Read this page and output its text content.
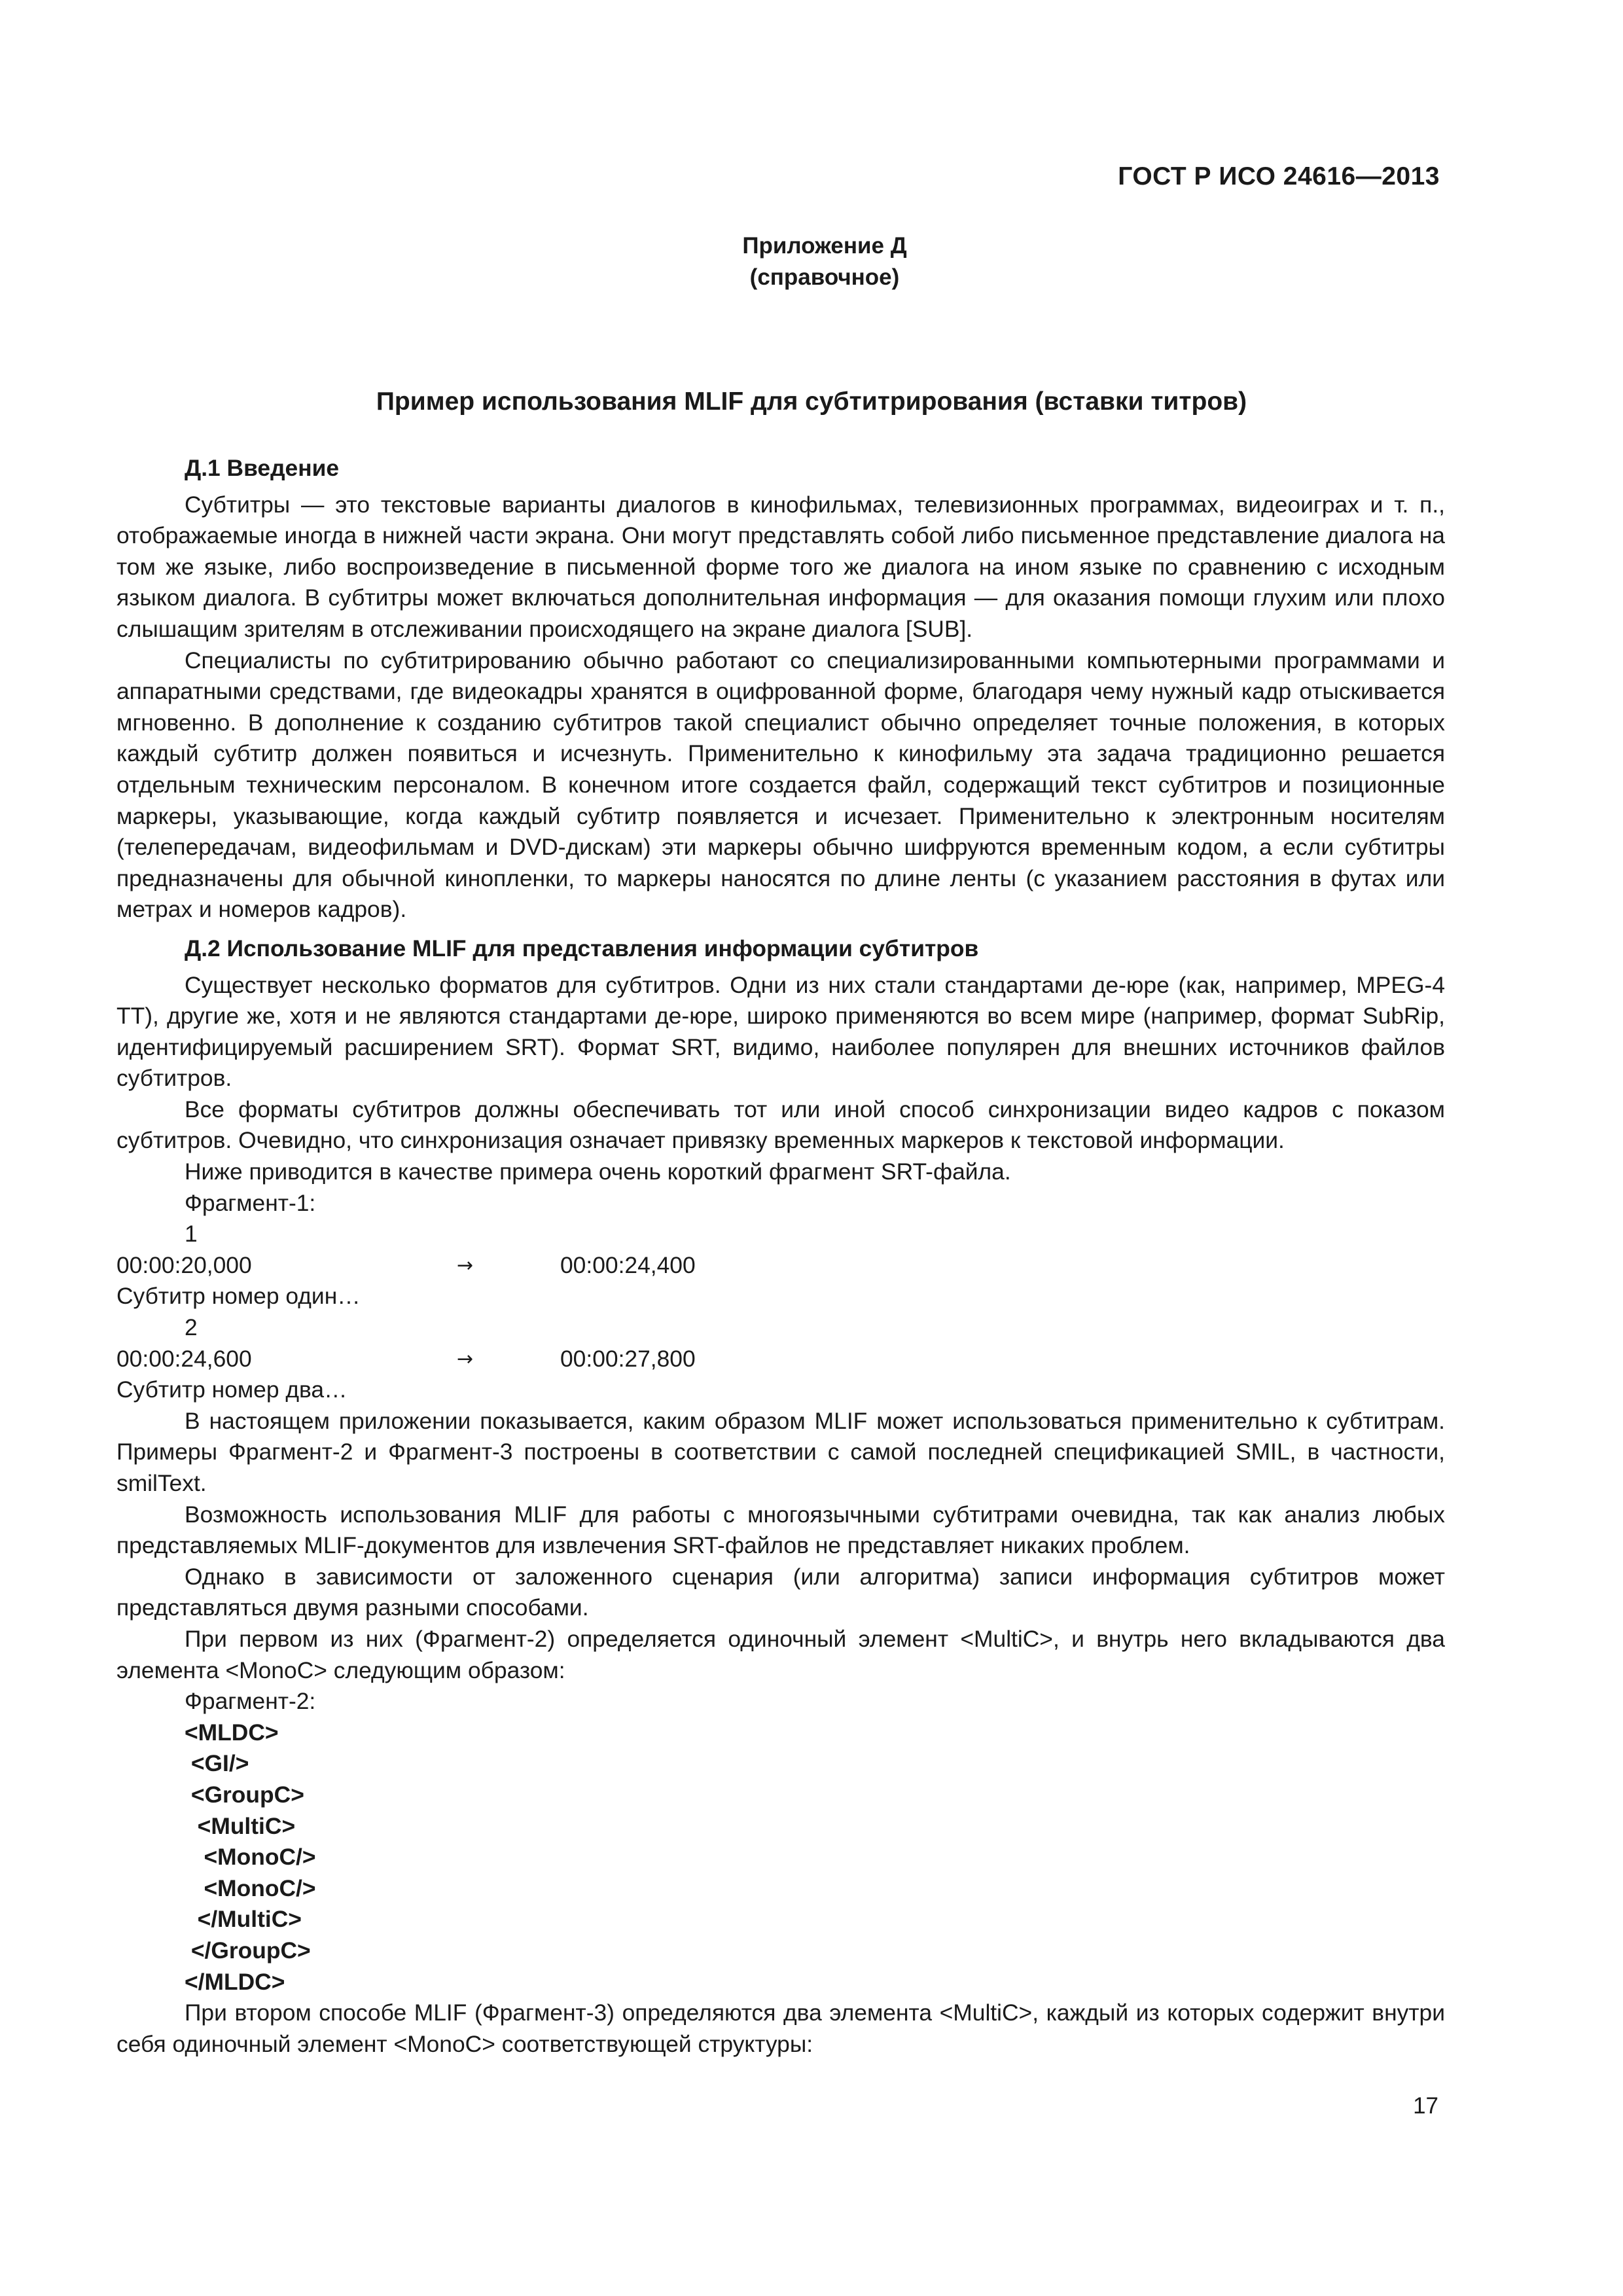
ГОСТ Р ИСО 24616—2013
Приложение Д
(справочное)
Пример использования MLIF для субтитрирования (вставки титров)
Д.1 Введение

Субтитры — это текстовые варианты диалогов в кинофильмах, телевизионных программах, видеоиграх и т. п., отображаемые иногда в нижней части экрана. Они могут представлять собой либо письменное представление диалога на том же языке, либо воспроизведение в письменной форме того же диалога на ином языке по сравнению с исходным языком диалога. В субтитры может включаться дополнительная информация — для оказания помощи глухим или плохо слышащим зрителям в отслеживании происходящего на экране диалога [SUB].

Специалисты по субтитрированию обычно работают со специализированными компьютерными программами и аппаратными средствами, где видеокадры хранятся в оцифрованной форме, благодаря чему нужный кадр отыскивается мгновенно. В дополнение к созданию субтитров такой специалист обычно определяет точные положения, в которых каждый субтитр должен появиться и исчезнуть. Применительно к кинофильму эта задача традиционно решается отдельным техническим персоналом. В конечном итоге создается файл, содержащий текст субтитров и позиционные маркеры, указывающие, когда каждый субтитр появляется и исчезает. Применительно к электронным носителям (телепередачам, видеофильмам и DVD-дискам) эти маркеры обычно шифруются временным кодом, а если субтитры предназначены для обычной кинопленки, то маркеры наносятся по длине ленты (с указанием расстояния в футах или метрах и номеров кадров).

Д.2 Использование MLIF для представления информации субтитров

Существует несколько форматов для субтитров. Одни из них стали стандартами де-юре (как, например, MPEG-4 TT), другие же, хотя и не являются стандартами де-юре, широко применяются во всем мире (например, формат SubRip, идентифицируемый расширением SRT). Формат SRT, видимо, наиболее популярен для внешних источников файлов субтитров.

Все форматы субтитров должны обеспечивать тот или иной способ синхронизации видео кадров с показом субтитров. Очевидно, что синхронизация означает привязку временных маркеров к текстовой информации.

Ниже приводится в качестве примера очень короткий фрагмент SRT-файла.

Фрагмент-1:
1
00:00:20,000	→	00:00:24,400
Субтитр номер один…
2
00:00:24,600	→	00:00:27,800
Субтитр номер два…

В настоящем приложении показывается, каким образом MLIF может использоваться применительно к субтитрам. Примеры Фрагмент-2 и Фрагмент-3 построены в соответствии с самой последней спецификацией SMIL, в частности, smilText.

Возможность использования MLIF для работы с многоязычными субтитрами очевидна, так как анализ любых представляемых MLIF-документов для извлечения SRT-файлов не представляет никаких проблем.

Однако в зависимости от заложенного сценария (или алгоритма) записи информация субтитров может представляться двумя разными способами.

При первом из них (Фрагмент-2) определяется одиночный элемент <MultiC>, и внутрь него вкладываются два элемента <MonoC> следующим образом:

Фрагмент-2:
<MLDC>
<GI/>
<GroupC>
<MultiC>
<MonoC/>
<MonoC/>
</MultiC>
</GroupC>
</MLDC>

При втором способе MLIF (Фрагмент-3) определяются два элемента <MultiC>, каждый из которых содержит внутри себя одиночный элемент <MonoC> соответствующей структуры:

17
